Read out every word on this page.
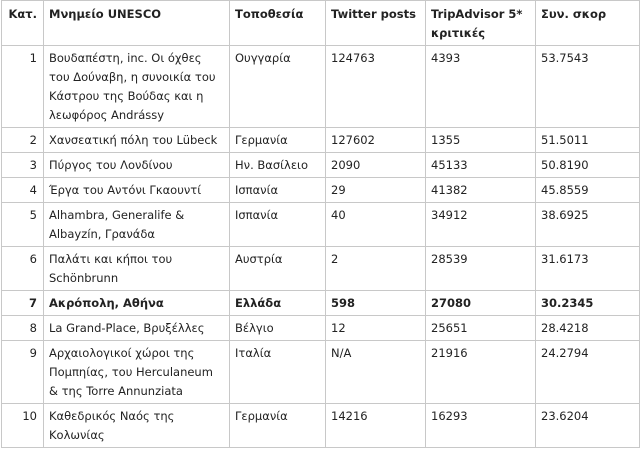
Κατ.	Μνημείο UNESCO	Τοποθεσία	Twitter posts	TripAdvisor 5* κριτικές	Συν. σκορ
1	Βουδαπέστη, inc. Οι όχθες του Δούναβη, η συνοικία του Κάστρου της Βούδας και η λεωφόρος Andrássy	Ουγγαρία	124763	4393	53.7543
2	Χανσεατική πόλη του Lübeck	Γερμανία	127602	1355	51.5011
3	Πύργος του Λονδίνου	Ην. Βασίλειο	2090	45133	50.8190
4	Έργα του Αντόνι Γκαουντί	Ισπανία	29	41382	45.8559
5	Alhambra, Generalife & Albayzín, Γρανάδα	Ισπανία	40	34912	38.6925
6	Παλάτι και κήποι του Schönbrunn	Αυστρία	2	28539	31.6173
7	Ακρόπολη, Αθήνα	Ελλάδα	598	27080	30.2345
8	La Grand-Place, Βρυξέλλες	Βέλγιο	12	25651	28.4218
9	Αρχαιολογικοί χώροι της Πομπηίας, του Herculaneum & της Torre Annunziata	Ιταλία	N/A	21916	24.2794
10	Καθεδρικός Ναός της Κολωνίας	Γερμανία	14216	16293	23.6204
